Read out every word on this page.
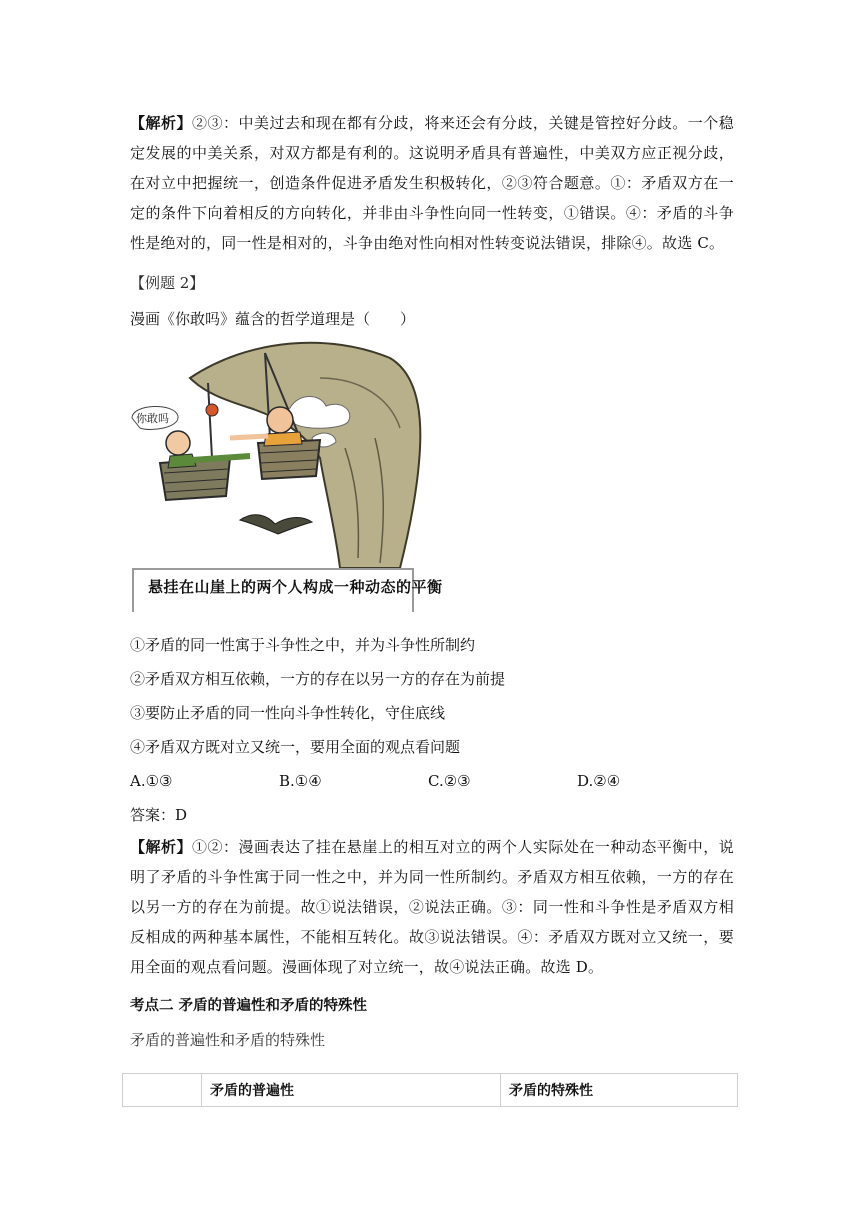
【解析】②③：中美过去和现在都有分歧，将来还会有分歧，关键是管控好分歧。一个稳定发展的中美关系，对双方都是有利的。这说明矛盾具有普遍性，中美双方应正视分歧，在对立中把握统一，创造条件促进矛盾发生积极转化，②③符合题意。①：矛盾双方在一定的条件下向着相反的方向转化，并非由斗争性向同一性转变，①错误。④：矛盾的斗争性是绝对的，同一性是相对的，斗争由绝对性向相对性转变说法错误，排除④。故选 C。

【例题 2】

漫画《你敢吗》蕴含的哲学道理是（　　）

你敢吗
悬挂在山崖上的两个人构成一种动态的平衡

①矛盾的同一性寓于斗争性之中，并为斗争性所制约

②矛盾双方相互依赖，一方的存在以另一方的存在为前提

③要防止矛盾的同一性向斗争性转化，守住底线

④矛盾双方既对立又统一，要用全面的观点看问题

A.①③	B.①④	C.②③	D.②④

答案：D

【解析】①②：漫画表达了挂在悬崖上的相互对立的两个人实际处在一种动态平衡中，说明了矛盾的斗争性寓于同一性之中，并为同一性所制约。矛盾双方相互依赖，一方的存在以另一方的存在为前提。故①说法错误，②说法正确。③：同一性和斗争性是矛盾双方相反相成的两种基本属性，不能相互转化。故③说法错误。④：矛盾双方既对立又统一，要用全面的观点看问题。漫画体现了对立统一，故④说法正确。故选 D。

考点二 矛盾的普遍性和矛盾的特殊性

矛盾的普遍性和矛盾的特殊性

	矛盾的普遍性	矛盾的特殊性
